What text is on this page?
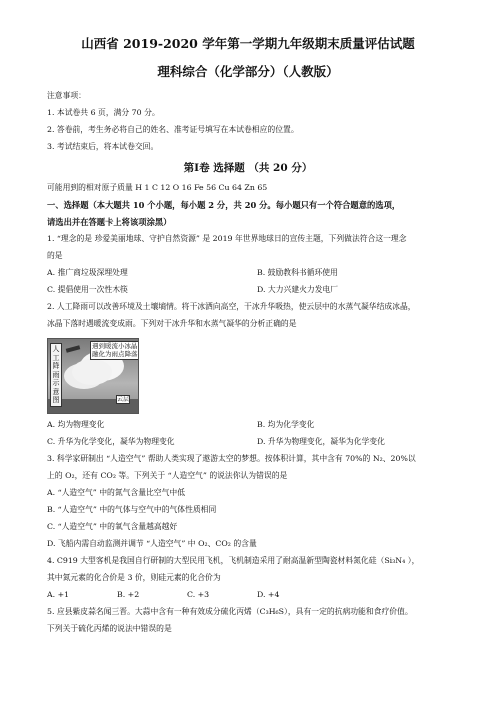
山西省 2019-2020 学年第一学期九年级期末质量评估试题
理科综合（化学部分）（人教版）
注意事项：
1. 本试卷共 6 页，满分 70 分。
2. 答卷前，考生务必将自己的姓名、准考证号填写在本试卷相应的位置。
3. 考试结束后，将本试卷交回。
第Ⅰ卷 选择题 （共 20 分）
可能用到的相对原子质量 H 1 C 12 O 16 Fe 56 Cu 64 Zn 65
一、选择题（本大题共 10 个小题，每小题 2 分，共 20 分。每小题只有一个符合题意的选项，
请选出并在答题卡上将该项涂黑）
1. “理念的是 珍爱美丽地球、守护自然资源” 是 2019 年世界地球日的宣传主题，下列做法符合这一理念
的是
A. 推广商垃圾深埋处理	B. 鼓励教科书循环使用
C. 提倡使用一次性木筷	D. 大力兴建火力发电厂
2. 人工降雨可以改善环境及土壤墒情。将干冰洒向高空，干冰升华吸热，使云层中的水蒸气凝华结成冰晶，
冰晶下落时遇暖流变成雨。下列对干冰升华和水蒸气凝华的分析正确的是
人工降雨示意图
遇到暖流小冰晶融化为雨点降落
云层
A. 均为物理变化	B. 均为化学变化
C. 升华为化学变化，凝华为物理变化	D. 升华为物理变化，凝华为化学变化
3. 科学家研制出 “人造空气” 帮助人类实现了遨游太空的梦想。按体积计算，其中含有 70%的 N₂、20%以
上的 O₂，还有 CO₂ 等。下列关于 “人造空气” 的说法你认为错误的是
A. “人造空气” 中的氮气含量比空气中低
B. “人造空气” 中的气体与空气中的气体性质相同
C. “人造空气” 中的氧气含量越高越好
D. 飞船内需自动监测并调节 “人造空气” 中 O₂、CO₂ 的含量
4. C919 大型客机是我国自行研制的大型民用飞机，飞机制造采用了耐高温新型陶瓷材料氮化硅（Si₃N₄ ），
其中氮元素的化合价是 3 价，则硅元素的化合价为
A. +1	B. +2	C. +3	D. +4
5. 应县紫皮蒜名闻三晋。大蒜中含有一种有效成分硫化丙烯（C₃H₆S），具有一定的抗病功能和食疗价值。
下列关于硫化丙烯的说法中错误的是
